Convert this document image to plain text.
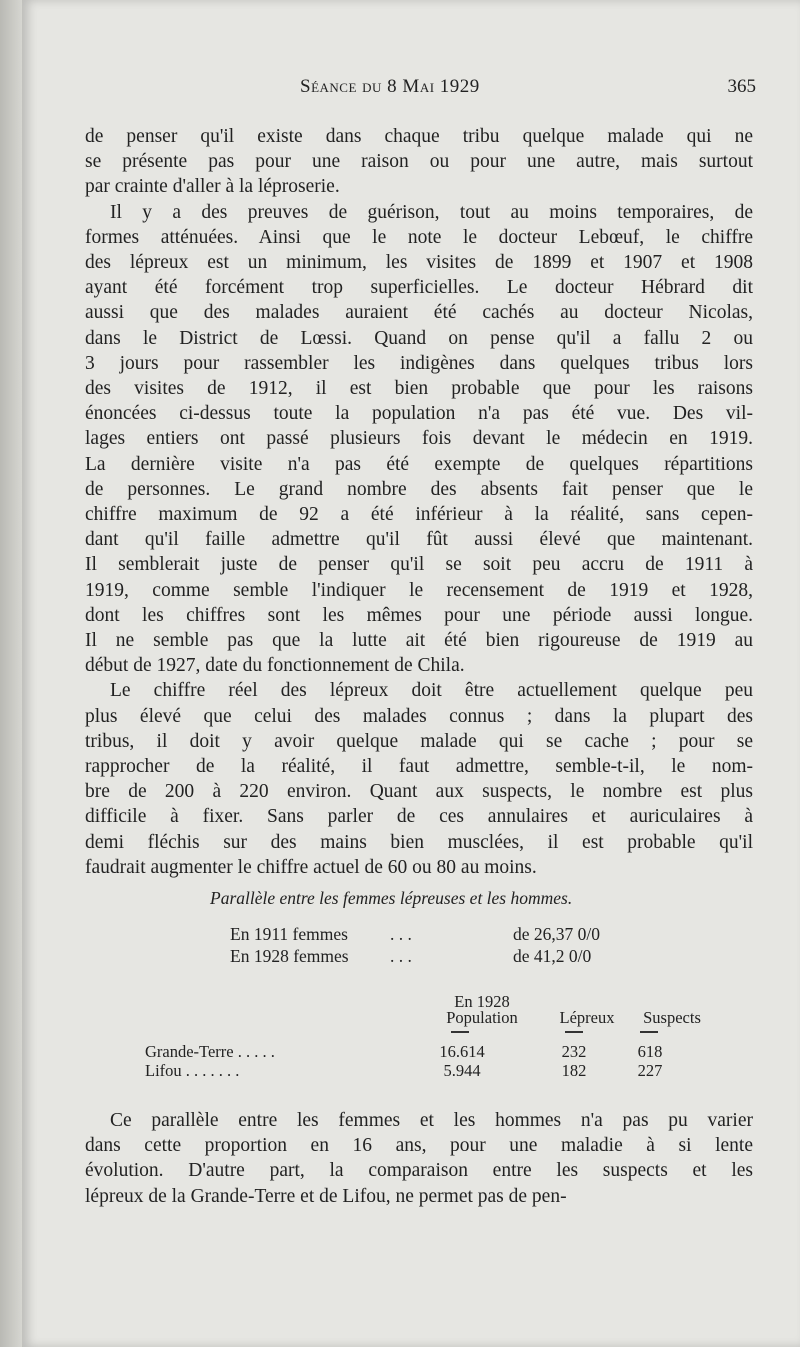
Séance du 8 Mai 1929	365

de penser qu'il existe dans chaque tribu quelque malade qui ne
se présente pas pour une raison ou pour une autre, mais surtout
par crainte d'aller à la léproserie.

Il y a des preuves de guérison, tout au moins temporaires, de
formes atténuées. Ainsi que le note le docteur Lebœuf, le chiffre
des lépreux est un minimum, les visites de 1899 et 1907 et 1908
ayant été forcément trop superficielles. Le docteur Hébrard dit
aussi que des malades auraient été cachés au docteur Nicolas,
dans le District de Lœssi. Quand on pense qu'il a fallu 2 ou
3 jours pour rassembler les indigènes dans quelques tribus lors
des visites de 1912, il est bien probable que pour les raisons
énoncées ci-dessus toute la population n'a pas été vue. Des vil-
lages entiers ont passé plusieurs fois devant le médecin en 1919.
La dernière visite n'a pas été exempte de quelques répartitions
de personnes. Le grand nombre des absents fait penser que le
chiffre maximum de 92 a été inférieur à la réalité, sans cepen-
dant qu'il faille admettre qu'il fût aussi élevé que maintenant.
Il semblerait juste de penser qu'il se soit peu accru de 1911 à
1919, comme semble l'indiquer le recensement de 1919 et 1928,
dont les chiffres sont les mêmes pour une période aussi longue.
Il ne semble pas que la lutte ait été bien rigoureuse de 1919 au
début de 1927, date du fonctionnement de Chila.

Le chiffre réel des lépreux doit être actuellement quelque peu
plus élevé que celui des malades connus ; dans la plupart des
tribus, il doit y avoir quelque malade qui se cache ; pour se
rapprocher de la réalité, il faut admettre, semble-t-il, le nom-
bre de 200 à 220 environ. Quant aux suspects, le nombre est plus
difficile à fixer. Sans parler de ces annulaires et auriculaires à
demi fléchis sur des mains bien musclées, il est probable qu'il
faudrait augmenter le chiffre actuel de 60 ou 80 au moins.

Parallèle entre les femmes lépreuses et les hommes.
En 1911 femmes . . .	de 26,37 0/0
En 1928 femmes . . .	de 41,2 0/0
En 1928
Population	Lépreux	Suspects
Grande-Terre . . . . .	16.614	232	618
Lifou . . . . . . .	5.944	182	227
Ce parallèle entre les femmes et les hommes n'a pas pu varier
dans cette proportion en 16 ans, pour une maladie à si lente
évolution. D'autre part, la comparaison entre les suspects et les
lépreux de la Grande-Terre et de Lifou, ne permet pas de pen-
